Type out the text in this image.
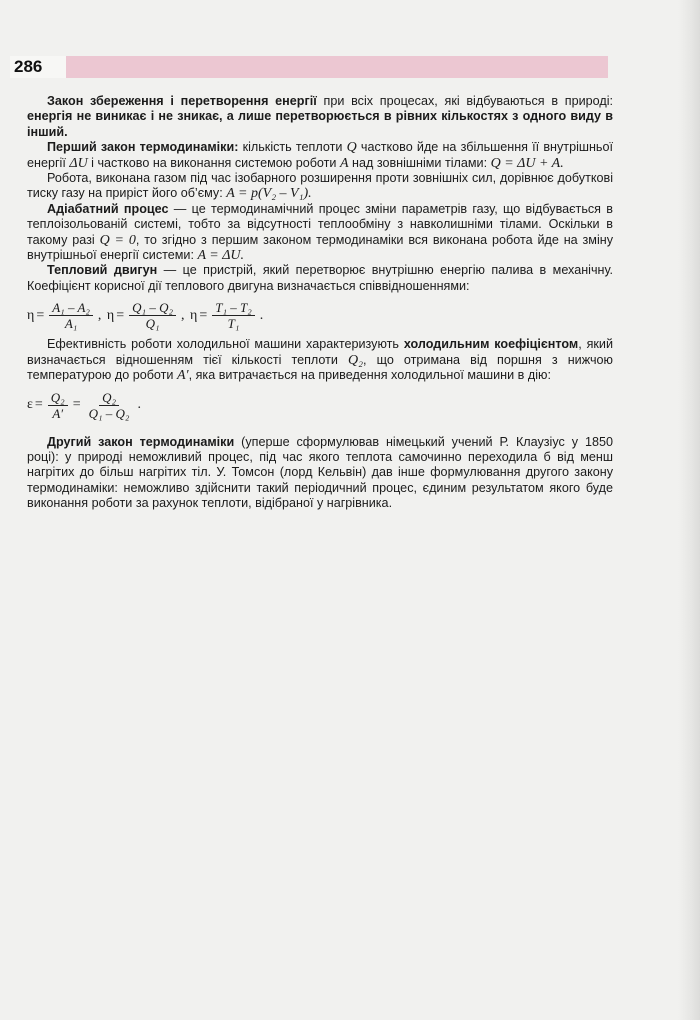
286

Закон збереження і перетворення енергії при всіх процесах, які відбуваються в природі: енергія не виникає і не зникає, а лише перетворюється в рівних кількостях з одного виду в інший.

Перший закон термодинаміки: кількість теплоти Q частково йде на збільшення її внутрішньої енергії ΔU і частково на виконання системою роботи A над зовнішніми тілами: Q = ΔU + A.

Робота, виконана газом під час ізобарного розширення проти зовнішніх сил, дорівнює добуткові тиску газу на приріст його об’єму: A = p(V₂ – V₁).

Адіабатний процес — це термодинамічний процес зміни параметрів газу, що відбувається в теплоізольованій системі, тобто за відсутності теплообміну з навколишніми тілами. Оскільки в такому разі Q = 0, то згідно з першим законом термодинаміки вся виконана робота йде на зміну внутрішньої енергії системи: A = ΔU.

Тепловий двигун — це пристрій, який перетворює внутрішню енергію палива в механічну. Коефіцієнт корисної дії теплового двигуна визначається співвідношеннями:

$\eta = \frac{\text{A₁ – A₂}}{\text{A₁}}$ ,
$\eta = \frac{\text{Q₁ – Q₂}}{\text{Q₁}}$ ,
$\eta = \frac{\text{T₁ – T₂}}{\text{T₁}}$ .

Ефективність роботи холодильної машини характеризують холодильним коефіцієнтом, який визначається відношенням тієї кількості теплоти Q₂, що отримана від поршня з нижчою температурою до роботи A′, яка витрачається на приведення холодильної машини в дію:

$\varepsilon = \frac{\text{Q₂}}{A'} = \frac{\text{Q₂}}{\text{Q₁ – Q₂}}$ .

Другий закон термодинаміки (уперше сформулював німецький учений Р. Клаузіус у 1850 році): у природі неможливий процес, під час якого теплота самочинно переходила б від менш нагрітих до більш нагрітих тіл. У. Томсон (лорд Кельвін) дав інше формулювання другого закону термодинаміки: неможливо здійснити такий періодичний процес, єдиним результатом якого буде виконання роботи за рахунок теплоти, відібраної у нагрівника.
